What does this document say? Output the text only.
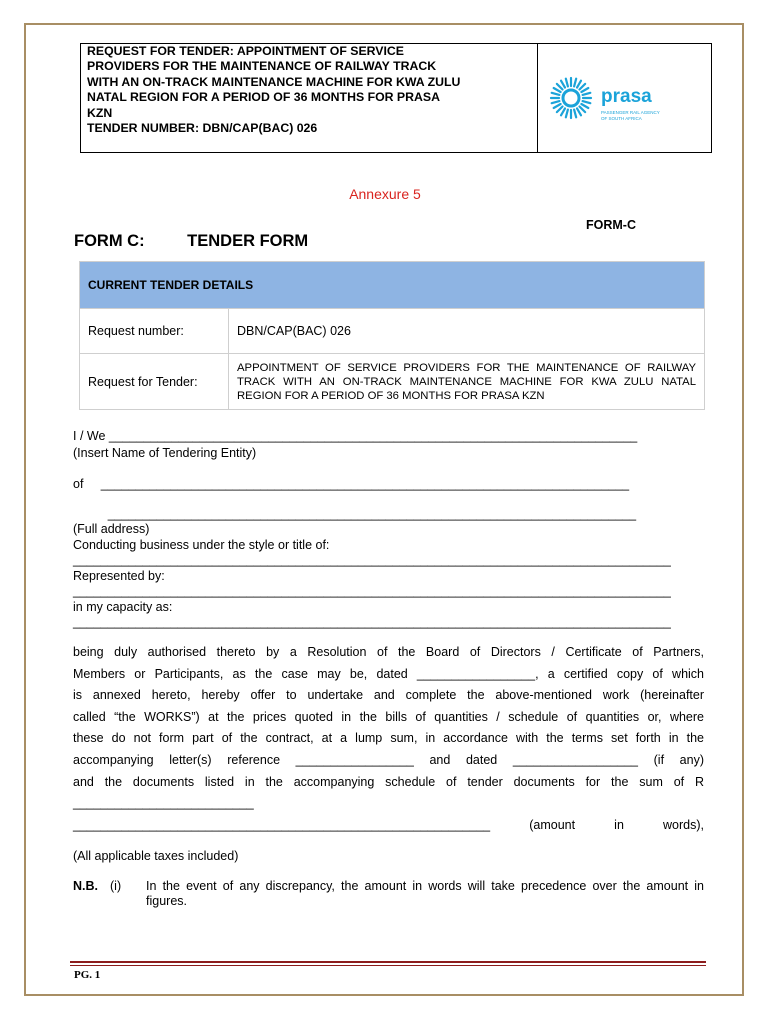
REQUEST FOR TENDER: APPOINTMENT OF SERVICE
PROVIDERS FOR THE MAINTENANCE OF RAILWAY TRACK
WITH AN ON-TRACK MAINTENANCE MACHINE FOR KWA ZULU
NATAL REGION FOR A PERIOD OF 36 MONTHS FOR PRASA
KZN
TENDER NUMBER: DBN/CAP(BAC) 026
prasa
PASSENGER RAIL AGENCY
OF SOUTH AFRICA
Annexure 5
FORM-C
FORM C:	TENDER FORM
CURRENT TENDER DETAILS	
Request number:	DBN/CAP(BAC) 026
Request for Tender:	APPOINTMENT OF SERVICE PROVIDERS FOR THE MAINTENANCE OF RAILWAY TRACK WITH AN ON-TRACK MAINTENANCE MACHINE FOR KWA ZULU NATAL REGION FOR A PERIOD OF 36 MONTHS FOR PRASA KZN
I / We ____________________________________________________________________________
(Insert Name of Tendering Entity)
of     ____________________________________________________________________________
____________________________________________________________________________
(Full address)
Conducting business under the style or title of:
______________________________________________________________________________________
Represented by:
______________________________________________________________________________________
in my capacity as:
______________________________________________________________________________________

being duly authorised thereto by a Resolution of the Board of Directors / Certificate of Partners,

Members or Participants, as the case may be, dated _________________, a certified copy of which

is annexed hereto, hereby offer to undertake and complete the above-mentioned work (hereinafter

called “the WORKS”) at the prices quoted in the bills of quantities / schedule of quantities or, where

these do not form part of the contract, at a lump sum, in accordance with the terms set forth in the

accompanying letter(s) reference _________________ and dated __________________ (if any)

and the documents listed in the accompanying schedule of tender documents for the sum of R

__________________________

____________________________________________________________ (amount in words),

(All applicable taxes included)
N.B. (i) In the event of any discrepancy, the amount in words will take precedence over the amount in figures.
PG. 1
